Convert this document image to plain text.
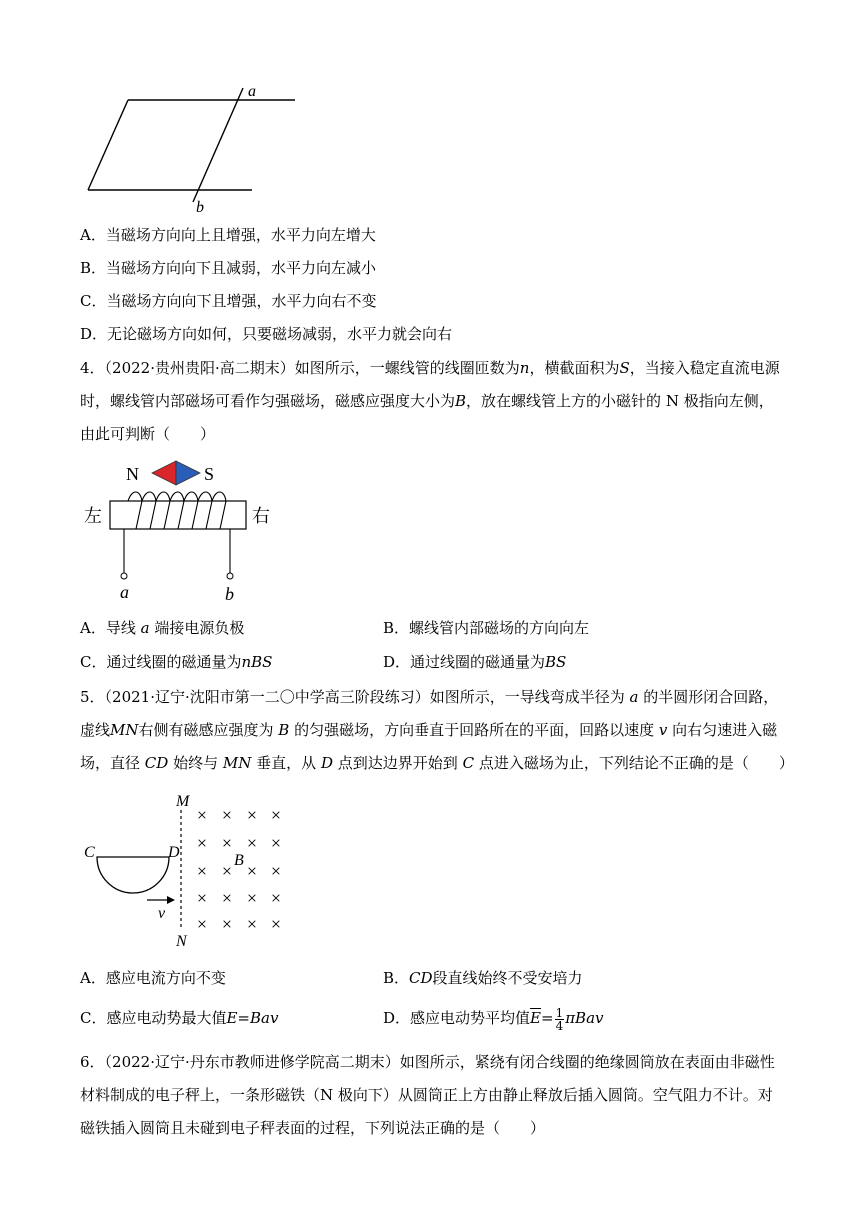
a
b
A．当磁场方向向上且增强，水平力向左增大
B．当磁场方向向下且减弱，水平力向左减小
C．当磁场方向向下且增强，水平力向右不变
D．无论磁场方向如何，只要磁场减弱，水平力就会向右
4．（2022·贵州贵阳·高二期末）如图所示，一螺线管的线圈匝数为n，横截面积为S，当接入稳定直流电源
时，螺线管内部磁场可看作匀强磁场，磁感应强度大小为B，放在螺线管上方的小磁针的 N 极指向左侧，
由此可判断（　　）
N	S
左	右
a	b
A．导线 a 端接电源负极	B．螺线管内部磁场的方向向左
C．通过线圈的磁通量为nBS	D．通过线圈的磁通量为BS
5．（2021·辽宁·沈阳市第一二〇中学高三阶段练习）如图所示，一导线弯成半径为 a 的半圆形闭合回路，
虚线MN右侧有磁感应强度为 B 的匀强磁场，方向垂直于回路所在的平面，回路以速度 v 向右匀速进入磁
场，直径 CD 始终与 MN 垂直，从 D 点到达边界开始到 C 点进入磁场为止，下列结论不正确的是（　　）
M
N
C	D
v
× × × ×
× × × ×
× × × ×
× × × ×
× × × ×
B
A．感应电流方向不变	B．CD段直线始终不受安培力
C．感应电动势最大值E=Bav	D．感应电动势平均值$\overline{E}= \frac{1}{4}$ πBav
6．（2022·辽宁·丹东市教师进修学院高二期末）如图所示，紧绕有闭合线圈的绝缘圆筒放在表面由非磁性
材料制成的电子秤上，一条形磁铁（N 极向下）从圆筒正上方由静止释放后插入圆筒。空气阻力不计。对
磁铁插入圆筒且未碰到电子秤表面的过程，下列说法正确的是（　　）
